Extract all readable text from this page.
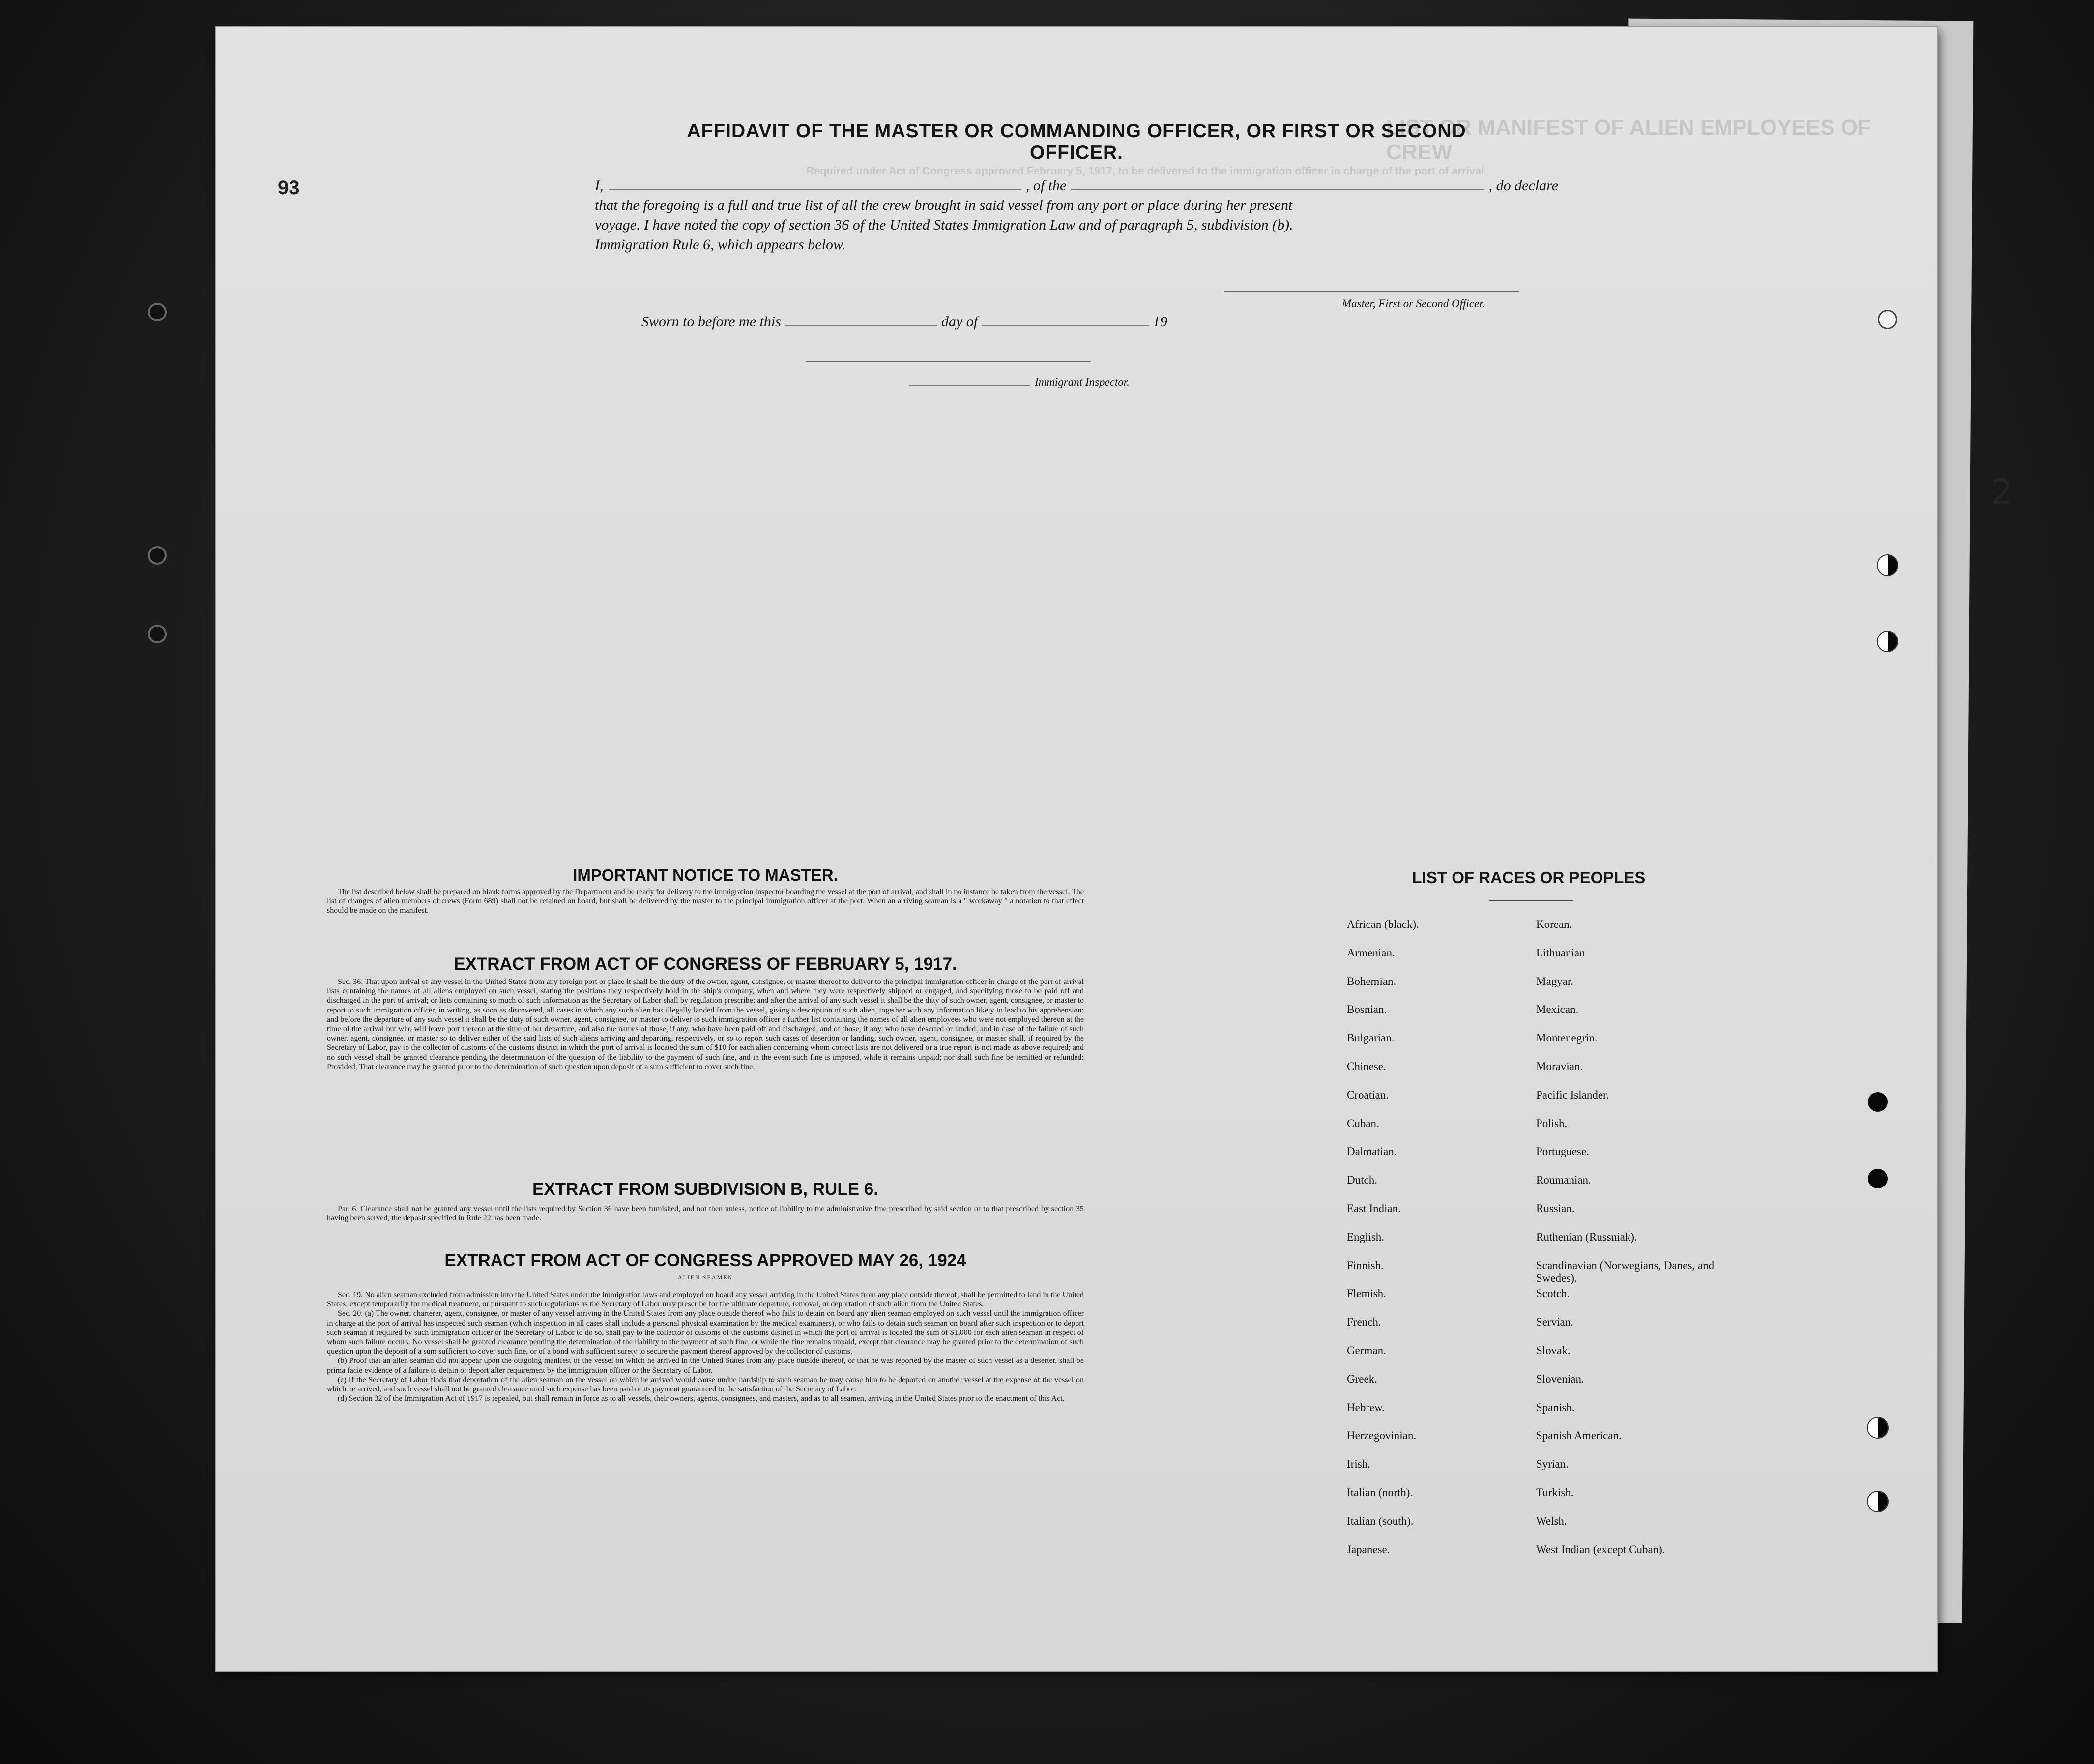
LIST OR MANIFEST OF ALIEN EMPLOYEES OF CREW
Required under Act of Congress approved February 5, 1917, to be delivered to the immigration officer in charge of the port of arrival
93
2
AFFIDAVIT OF THE MASTER OR COMMANDING OFFICER, OR FIRST OR SECOND OFFICER.
I,	, of the	, do declare
that the foregoing is a full and true list of all the crew brought in said vessel from any port or place during her present
voyage. I have noted the copy of section 36 of the United States Immigration Law and of paragraph 5, subdivision (b).
Immigration Rule 6, which appears below.
Master, First or Second Officer.
Sworn to before me this	day of	19
Immigrant Inspector.
IMPORTANT NOTICE TO MASTER.

The list described below shall be prepared on blank forms approved by the Department and be ready for delivery to the immigration inspector boarding the vessel at the port of arrival, and shall in no instance be taken from the vessel. The list of changes of alien members of crews (Form 689) shall not be retained on board, but shall be delivered by the master to the principal immigration officer at the port. When an arriving seaman is a " workaway " a notation to that effect should be made on the manifest.

EXTRACT FROM ACT OF CONGRESS OF FEBRUARY 5, 1917.

Sec. 36. That upon arrival of any vessel in the United States from any foreign port or place it shall be the duty of the owner, agent, consignee, or master thereof to deliver to the principal immigration officer in charge of the port of arrival lists containing the names of all aliens employed on such vessel, stating the positions they respectively hold in the ship's company, when and where they were respectively shipped or engaged, and specifying those to be paid off and discharged in the port of arrival; or lists containing so much of such information as the Secretary of Labor shall by regulation prescribe; and after the arrival of any such vessel it shall be the duty of such owner, agent, consignee, or master to report to such immigration officer, in writing, as soon as discovered, all cases in which any such alien has illegally landed from the vessel, giving a description of such alien, together with any information likely to lead to his apprehension; and before the departure of any such vessel it shall be the duty of such owner, agent, consignee, or master to deliver to such immigration officer a further list containing the names of all alien employees who were not employed thereon at the time of the arrival but who will leave port thereon at the time of her departure, and also the names of those, if any, who have been paid off and discharged, and of those, if any, who have deserted or landed; and in case of the failure of such owner, agent, consignee, or master so to deliver either of the said lists of such aliens arriving and departing, respectively, or so to report such cases of desertion or landing, such owner, agent, consignee, or master shall, if required by the Secretary of Labor, pay to the collector of customs of the customs district in which the port of arrival is located the sum of $10 for each alien concerning whom correct lists are not delivered or a true report is not made as above required; and no such vessel shall be granted clearance pending the determination of the question of the liability to the payment of such fine, and in the event such fine is imposed, while it remains unpaid; nor shall such fine be remitted or refunded: Provided, That clearance may be granted prior to the determination of such question upon deposit of a sum sufficient to cover such fine.

EXTRACT FROM SUBDIVISION B, RULE 6.

Par. 6. Clearance shall not be granted any vessel until the lists required by Section 36 have been furnished, and not then unless, notice of liability to the administrative fine prescribed by said section or to that prescribed by section 35 having been served, the deposit specified in Rule 22 has been made.

EXTRACT FROM ACT OF CONGRESS APPROVED MAY 26, 1924
ALIEN SEAMEN

Sec. 19. No alien seaman excluded from admission into the United States under the immigration laws and employed on board any vessel arriving in the United States from any place outside thereof, shall be permitted to land in the United States, except temporarily for medical treatment, or pursuant to such regulations as the Secretary of Labor may prescribe for the ultimate departure, removal, or deportation of such alien from the United States.

Sec. 20. (a) The owner, charterer, agent, consignee, or master of any vessel arriving in the United States from any place outside thereof who fails to detain on board any alien seaman employed on such vessel until the immigration officer in charge at the port of arrival has inspected such seaman (which inspection in all cases shall include a personal physical examination by the medical examiners), or who fails to detain such seaman on board after such inspection or to deport such seaman if required by such immigration officer or the Secretary of Labor to do so, shall pay to the collector of customs of the customs district in which the port of arrival is located the sum of $1,000 for each alien seaman in respect of whom such failure occurs. No vessel shall be granted clearance pending the determination of the liability to the payment of such fine, or while the fine remains unpaid, except that clearance may be granted prior to the determination of such question upon the deposit of a sum sufficient to cover such fine, or of a bond with sufficient surety to secure the payment thereof approved by the collector of customs.

(b) Proof that an alien seaman did not appear upon the outgoing manifest of the vessel on which he arrived in the United States from any place outside thereof, or that he was reported by the master of such vessel as a deserter, shall be prima facie evidence of a failure to detain or deport after requirement by the immigration officer or the Secretary of Labor.

(c) If the Secretary of Labor finds that deportation of the alien seaman on the vessel on which he arrived would cause undue hardship to such seaman he may cause him to be deported on another vessel at the expense of the vessel on which he arrived, and such vessel shall not be granted clearance until such expense has been paid or its payment guaranteed to the satisfaction of the Secretary of Labor.

(d) Section 32 of the Immigration Act of 1917 is repealed, but shall remain in force as to all vessels, their owners, agents, consignees, and masters, and as to all seamen, arriving in the United States prior to the enactment of this Act.

LIST OF RACES OR PEOPLES
African (black).
Armenian.
Bohemian.
Bosnian.
Bulgarian.
Chinese.
Croatian.
Cuban.
Dalmatian.
Dutch.
East Indian.
English.
Finnish.
Flemish.
French.
German.
Greek.
Hebrew.
Herzegovinian.
Irish.
Italian (north).
Italian (south).
Japanese.
Korean.
Lithuanian
Magyar.
Mexican.
Montenegrin.
Moravian.
Pacific Islander.
Polish.
Portuguese.
Roumanian.
Russian.
Ruthenian (Russniak).
Scandinavian (Norwegians, Danes, and Swedes).
Scotch.
Servian.
Slovak.
Slovenian.
Spanish.
Spanish American.
Syrian.
Turkish.
Welsh.
West Indian (except Cuban).
